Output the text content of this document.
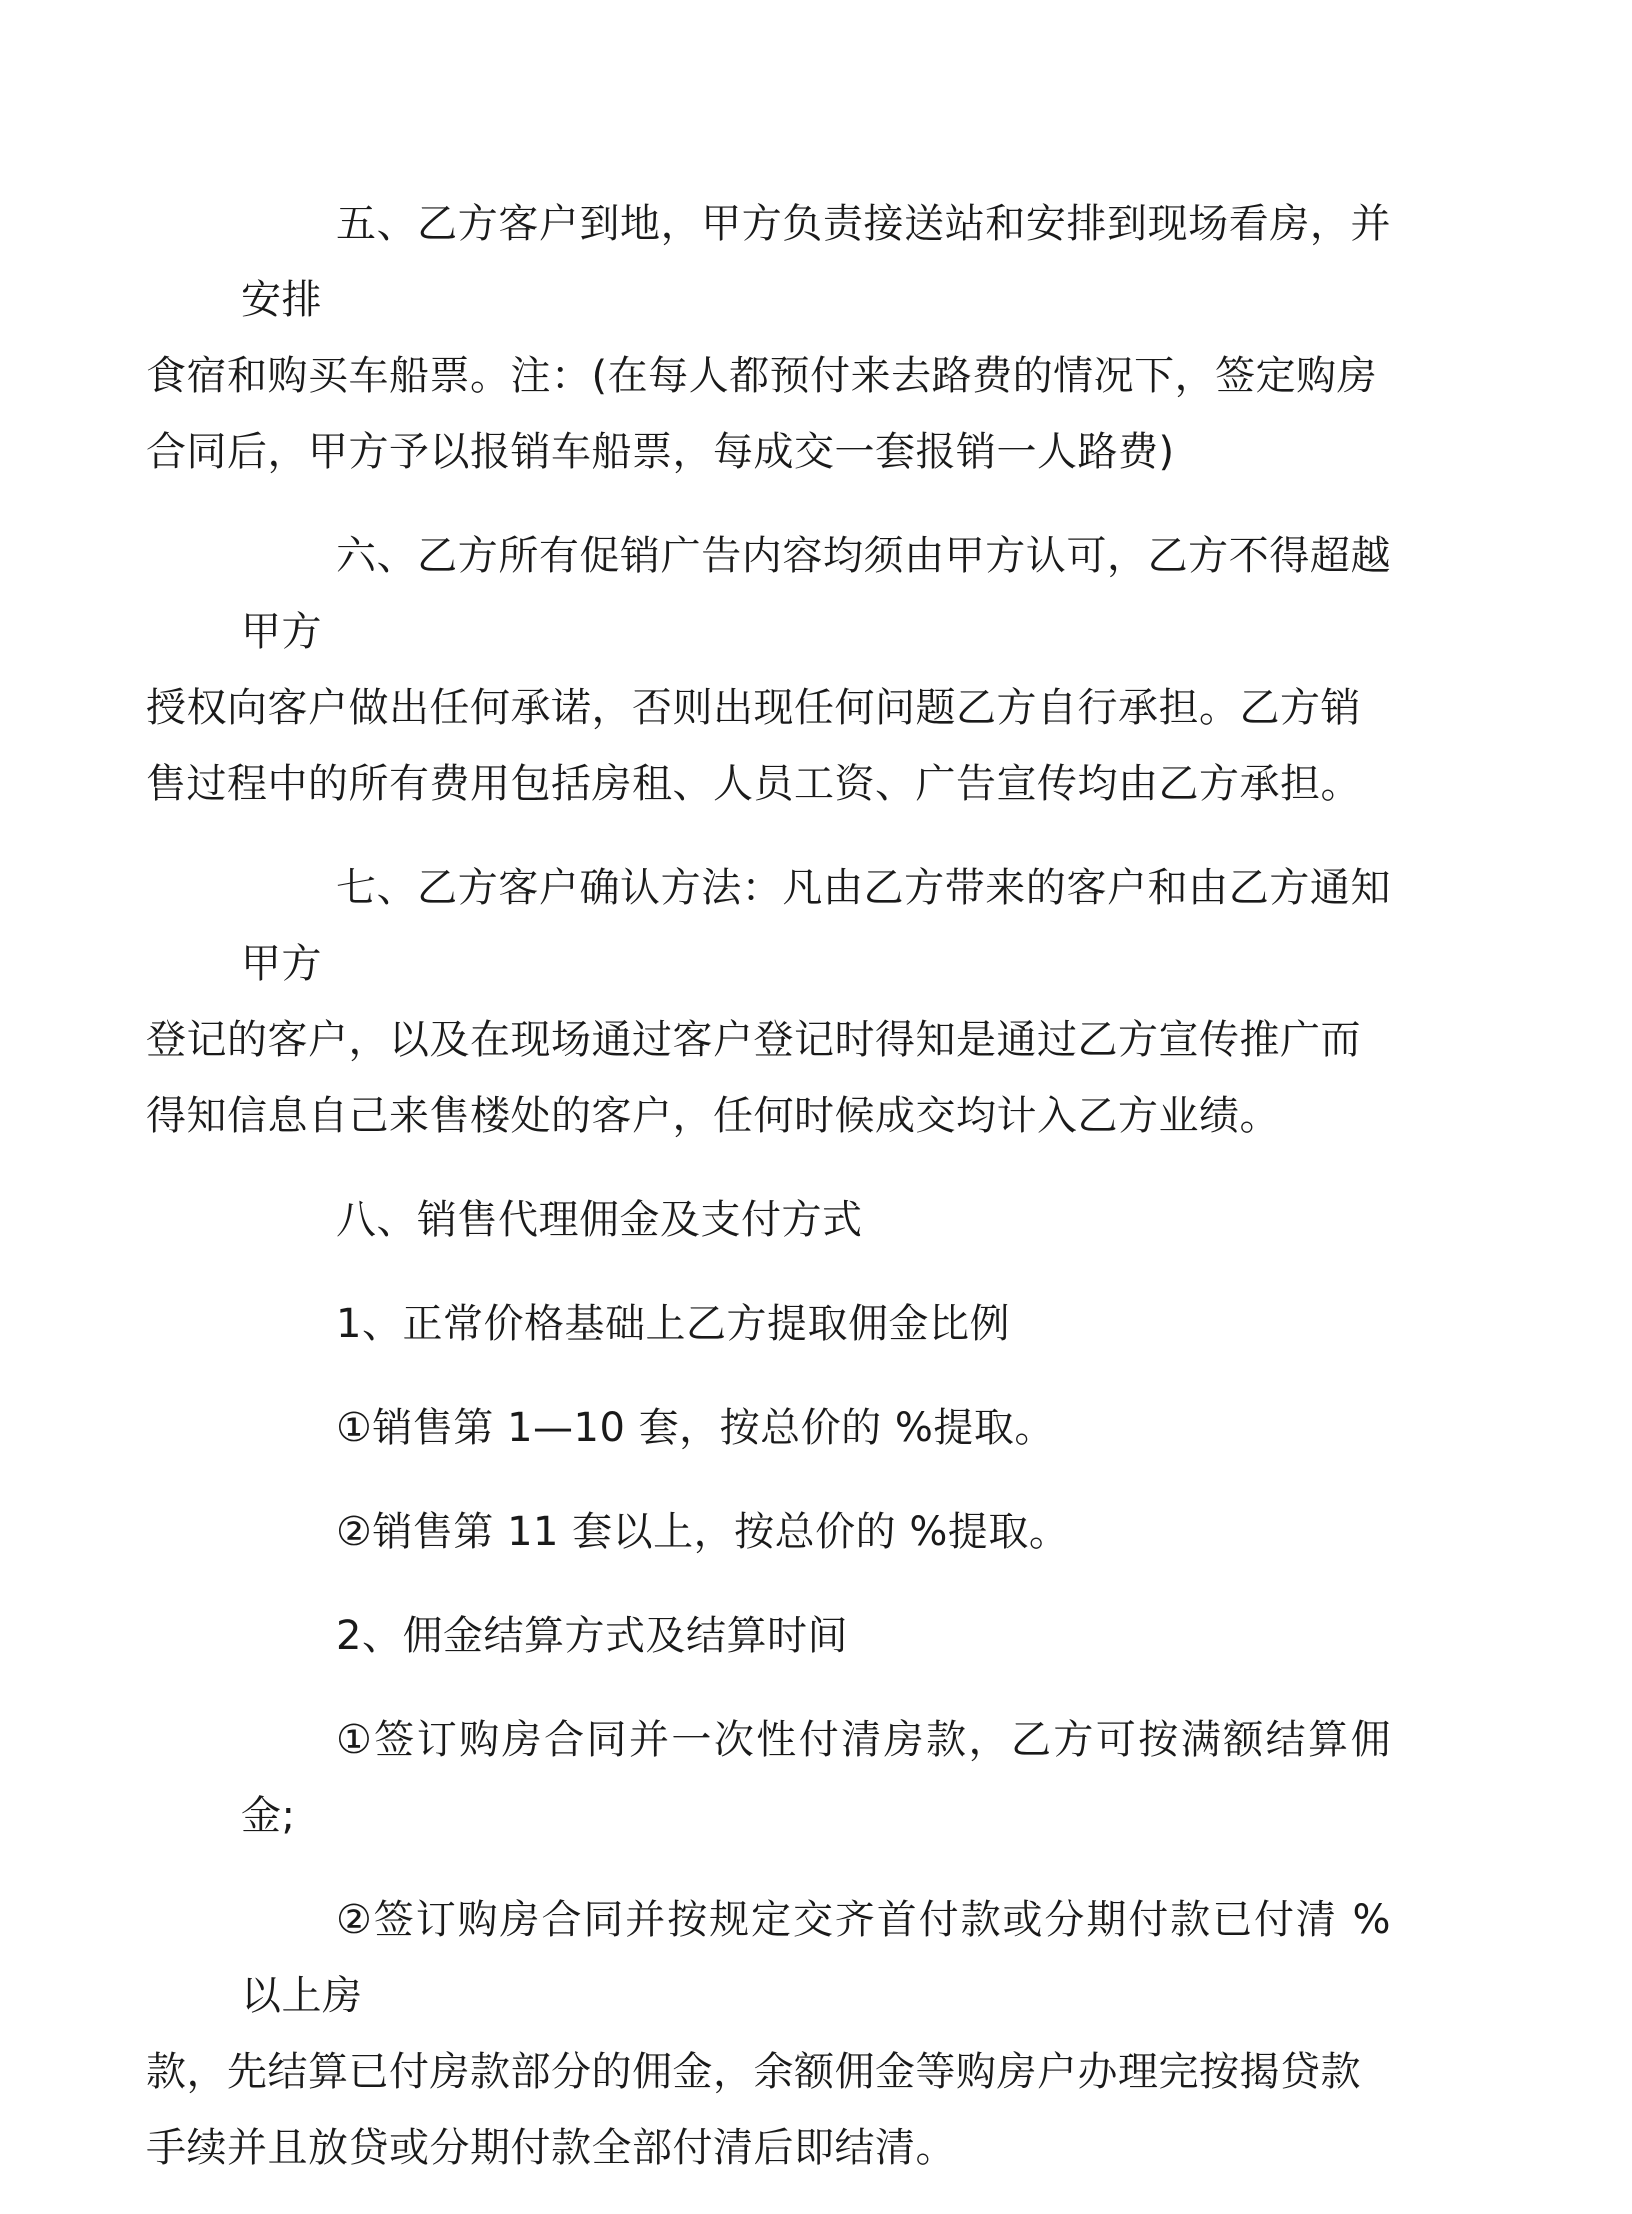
五、乙方客户到地，甲方负责接送站和安排到现场看房，并安排
食宿和购买车船票。注：(在每人都预付来去路费的情况下，签定购房
合同后，甲方予以报销车船票，每成交一套报销一人路费)

六、乙方所有促销广告内容均须由甲方认可，乙方不得超越甲方
授权向客户做出任何承诺，否则出现任何问题乙方自行承担。乙方销
售过程中的所有费用包括房租、人员工资、广告宣传均由乙方承担。

七、乙方客户确认方法：凡由乙方带来的客户和由乙方通知甲方
登记的客户，以及在现场通过客户登记时得知是通过乙方宣传推广而
得知信息自己来售楼处的客户，任何时候成交均计入乙方业绩。

八、销售代理佣金及支付方式

1、正常价格基础上乙方提取佣金比例

①销售第 1—10 套，按总价的 %提取。

②销售第 11 套以上，按总价的 %提取。

2、佣金结算方式及结算时间

①签订购房合同并一次性付清房款，乙方可按满额结算佣金;

②签订购房合同并按规定交齐首付款或分期付款已付清 %以上房
款，先结算已付房款部分的佣金，余额佣金等购房户办理完按揭贷款
手续并且放贷或分期付款全部付清后即结清。
